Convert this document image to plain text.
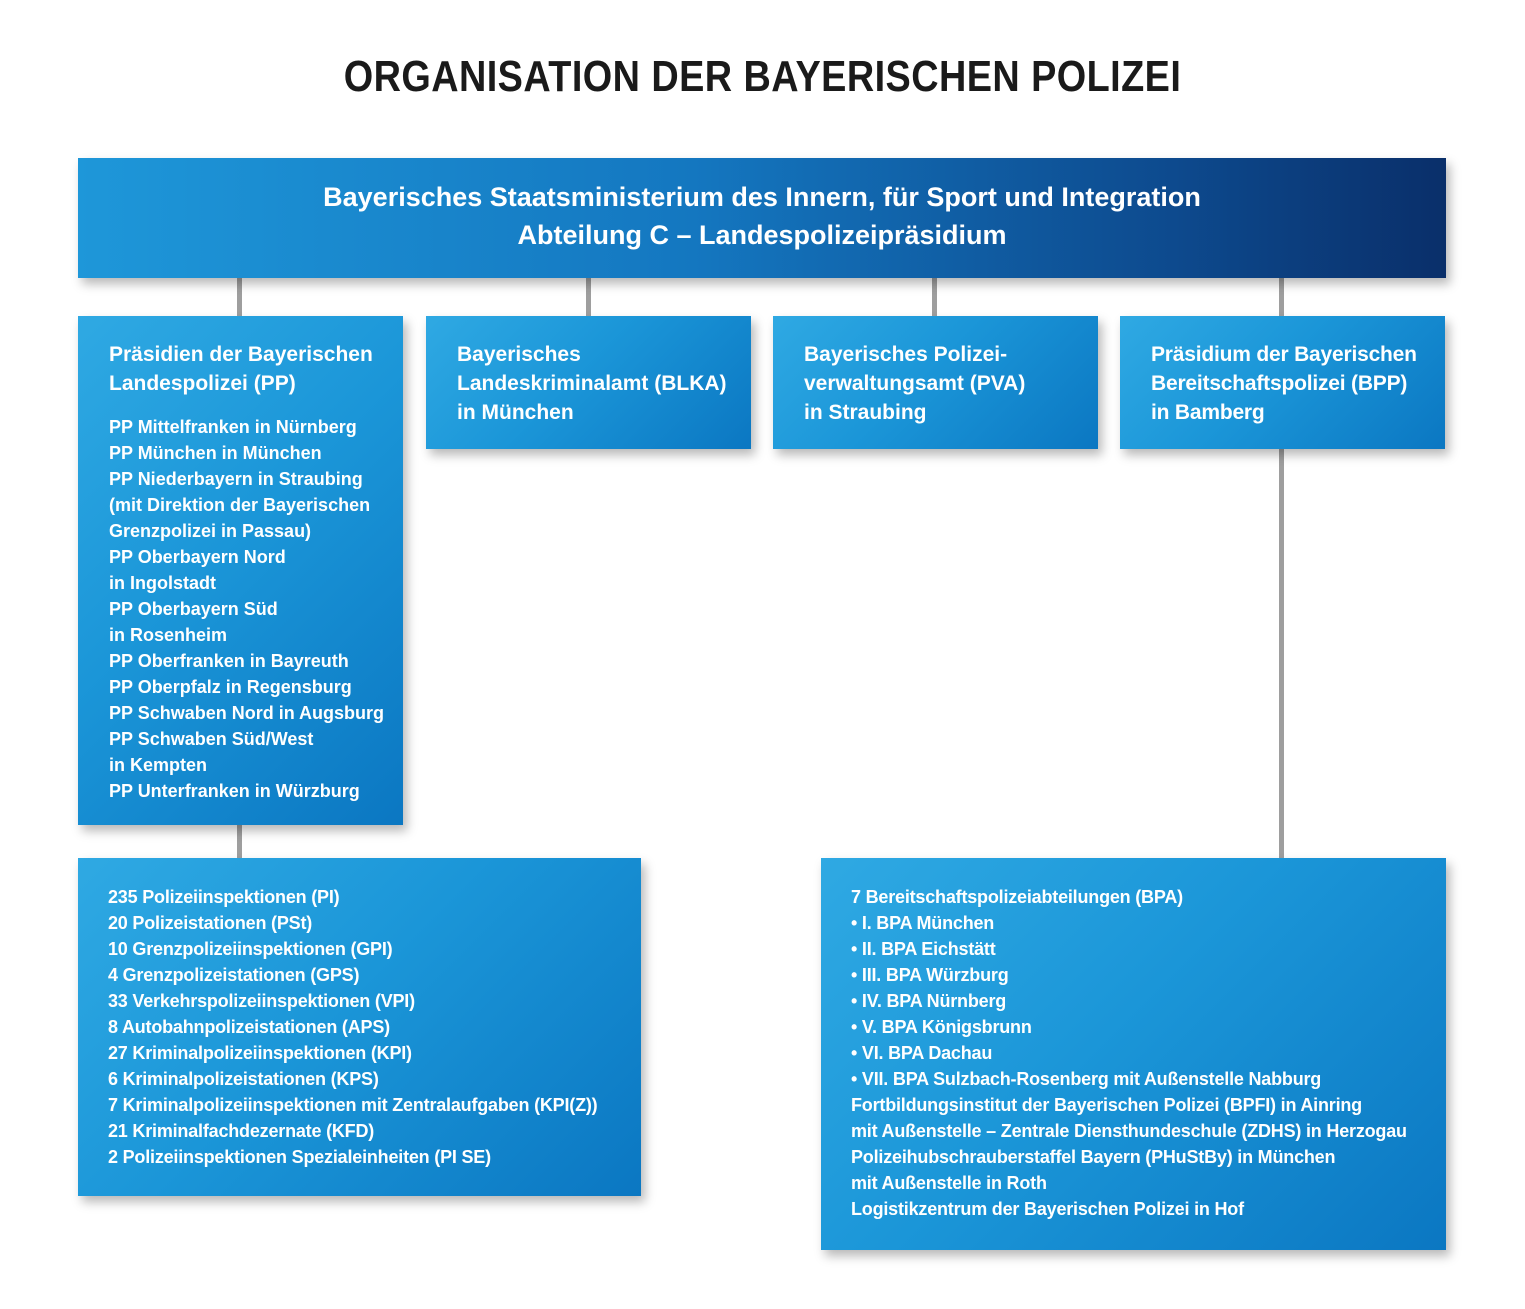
ORGANISATION DER BAYERISCHEN POLIZEI
Bayerisches Staatsministerium des Innern, für Sport und Integration
Abteilung C – Landespolizeipräsidium
Präsidien der Bayerischen
Landespolizei (PP)
PP Mittelfranken in Nürnberg
PP München in München
PP Niederbayern in Straubing
(mit Direktion der Bayerischen
Grenzpolizei in Passau)
PP Oberbayern Nord
in Ingolstadt
PP Oberbayern Süd
in Rosenheim
PP Oberfranken in Bayreuth
PP Oberpfalz in Regensburg
PP Schwaben Nord in Augsburg
PP Schwaben Süd/West
in Kempten
PP Unterfranken in Würzburg
Bayerisches
Landeskriminalamt (BLKA)
in München
Bayerisches Polizei-
verwaltungsamt (PVA)
in Straubing
Präsidium der Bayerischen
Bereitschaftspolizei (BPP)
in Bamberg
235 Polizeiinspektionen (PI)
20 Polizeistationen (PSt)
10 Grenzpolizeiinspektionen (GPI)
4 Grenzpolizeistationen (GPS)
33 Verkehrspolizeiinspektionen (VPI)
8 Autobahnpolizeistationen (APS)
27 Kriminalpolizeiinspektionen (KPI)
6 Kriminalpolizeistationen (KPS)
7 Kriminalpolizeiinspektionen mit Zentralaufgaben (KPI(Z))
21 Kriminalfachdezernate (KFD)
2 Polizeiinspektionen Spezialeinheiten (PI SE)
7 Bereitschaftspolizeiabteilungen (BPA)
• I. BPA München
• II. BPA Eichstätt
• III. BPA Würzburg
• IV. BPA Nürnberg
• V. BPA Königsbrunn
• VI. BPA Dachau
• VII. BPA Sulzbach-Rosenberg mit Außenstelle Nabburg
Fortbildungsinstitut der Bayerischen Polizei (BPFI) in Ainring
mit Außenstelle – Zentrale Diensthundeschule (ZDHS) in Herzogau
Polizeihubschrauberstaffel Bayern (PHuStBy) in München
mit Außenstelle in Roth
Logistikzentrum der Bayerischen Polizei in Hof
